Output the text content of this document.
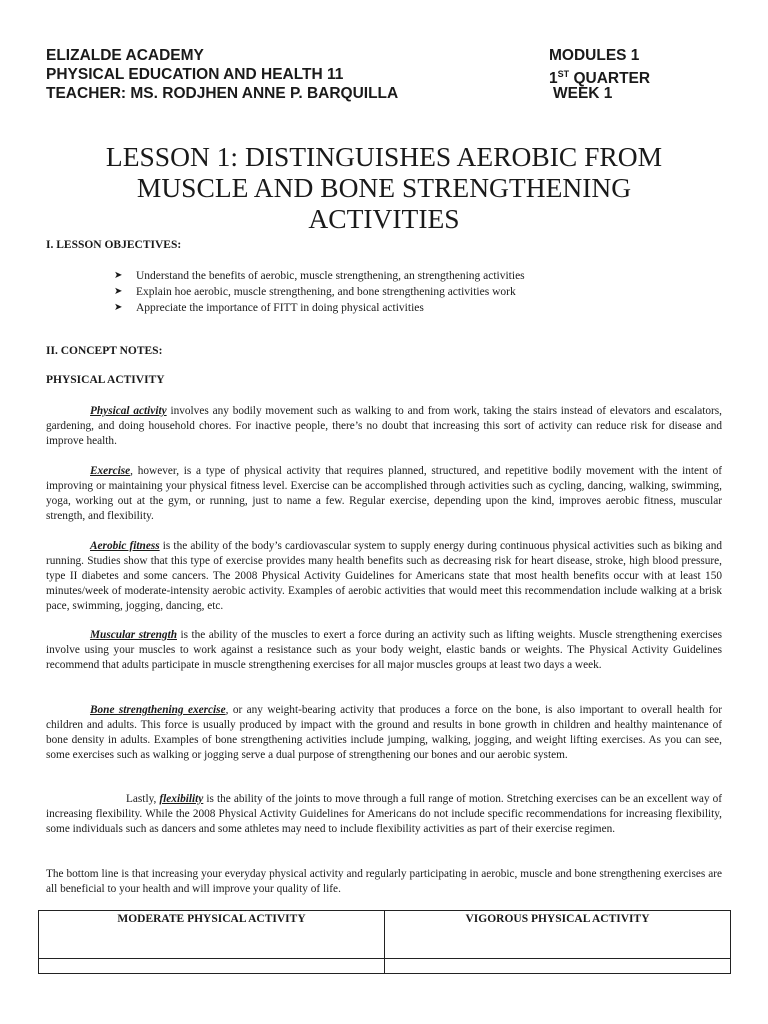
ELIZALDE ACADEMY	MODULES 1
PHYSICAL EDUCATION AND HEALTH 11	1ST QUARTER
TEACHER: MS. RODJHEN ANNE P. BARQUILLA	WEEK 1
LESSON 1: DISTINGUISHES AEROBIC FROM
MUSCLE AND BONE STRENGTHENING
ACTIVITIES
I. LESSON OBJECTIVES:
➤ Understand the benefits of aerobic, muscle strengthening, an strengthening activities
➤ Explain hoe aerobic, muscle strengthening, and bone strengthening activities work
➤ Appreciate the importance of FITT in doing physical activities
II. CONCEPT NOTES:
PHYSICAL ACTIVITY

Physical activity involves any bodily movement such as walking to and from work, taking the stairs instead of elevators and escalators, gardening, and doing household chores. For inactive people, there’s no doubt that increasing this sort of activity can reduce risk for disease and improve health.

Exercise, however, is a type of physical activity that requires planned, structured, and repetitive bodily movement with the intent of improving or maintaining your physical fitness level. Exercise can be accomplished through activities such as cycling, dancing, walking, swimming, yoga, working out at the gym, or running, just to name a few. Regular exercise, depending upon the kind, improves aerobic fitness, muscular strength, and flexibility.

Aerobic fitness is the ability of the body’s cardiovascular system to supply energy during continuous physical activities such as biking and running. Studies show that this type of exercise provides many health benefits such as decreasing risk for heart disease, stroke, high blood pressure, type II diabetes and some cancers. The 2008 Physical Activity Guidelines for Americans state that most health benefits occur with at least 150 minutes/week of moderate-intensity aerobic activity. Examples of aerobic activities that would meet this recommendation include walking at a brisk pace, swimming, jogging, dancing, etc.

Muscular strength is the ability of the muscles to exert a force during an activity such as lifting weights. Muscle strengthening exercises involve using your muscles to work against a resistance such as your body weight, elastic bands or weights. The Physical Activity Guidelines recommend that adults participate in muscle strengthening exercises for all major muscles groups at least two days a week.

Bone strengthening exercise, or any weight-bearing activity that produces a force on the bone, is also important to overall health for children and adults. This force is usually produced by impact with the ground and results in bone growth in children and healthy maintenance of bone density in adults. Examples of bone strengthening activities include jumping, walking, jogging, and weight lifting exercises. As you can see, some exercises such as walking or jogging serve a dual purpose of strengthening our bones and our aerobic system.

Lastly, flexibility is the ability of the joints to move through a full range of motion. Stretching exercises can be an excellent way of increasing flexibility. While the 2008 Physical Activity Guidelines for Americans do not include specific recommendations for increasing flexibility, some individuals such as dancers and some athletes may need to include flexibility activities as part of their exercise regimen.

The bottom line is that increasing your everyday physical activity and regularly participating in aerobic, muscle and bone strengthening exercises are all beneficial to your health and will improve your quality of life.

MODERATE PHYSICAL ACTIVITY	VIGOROUS PHYSICAL ACTIVITY
